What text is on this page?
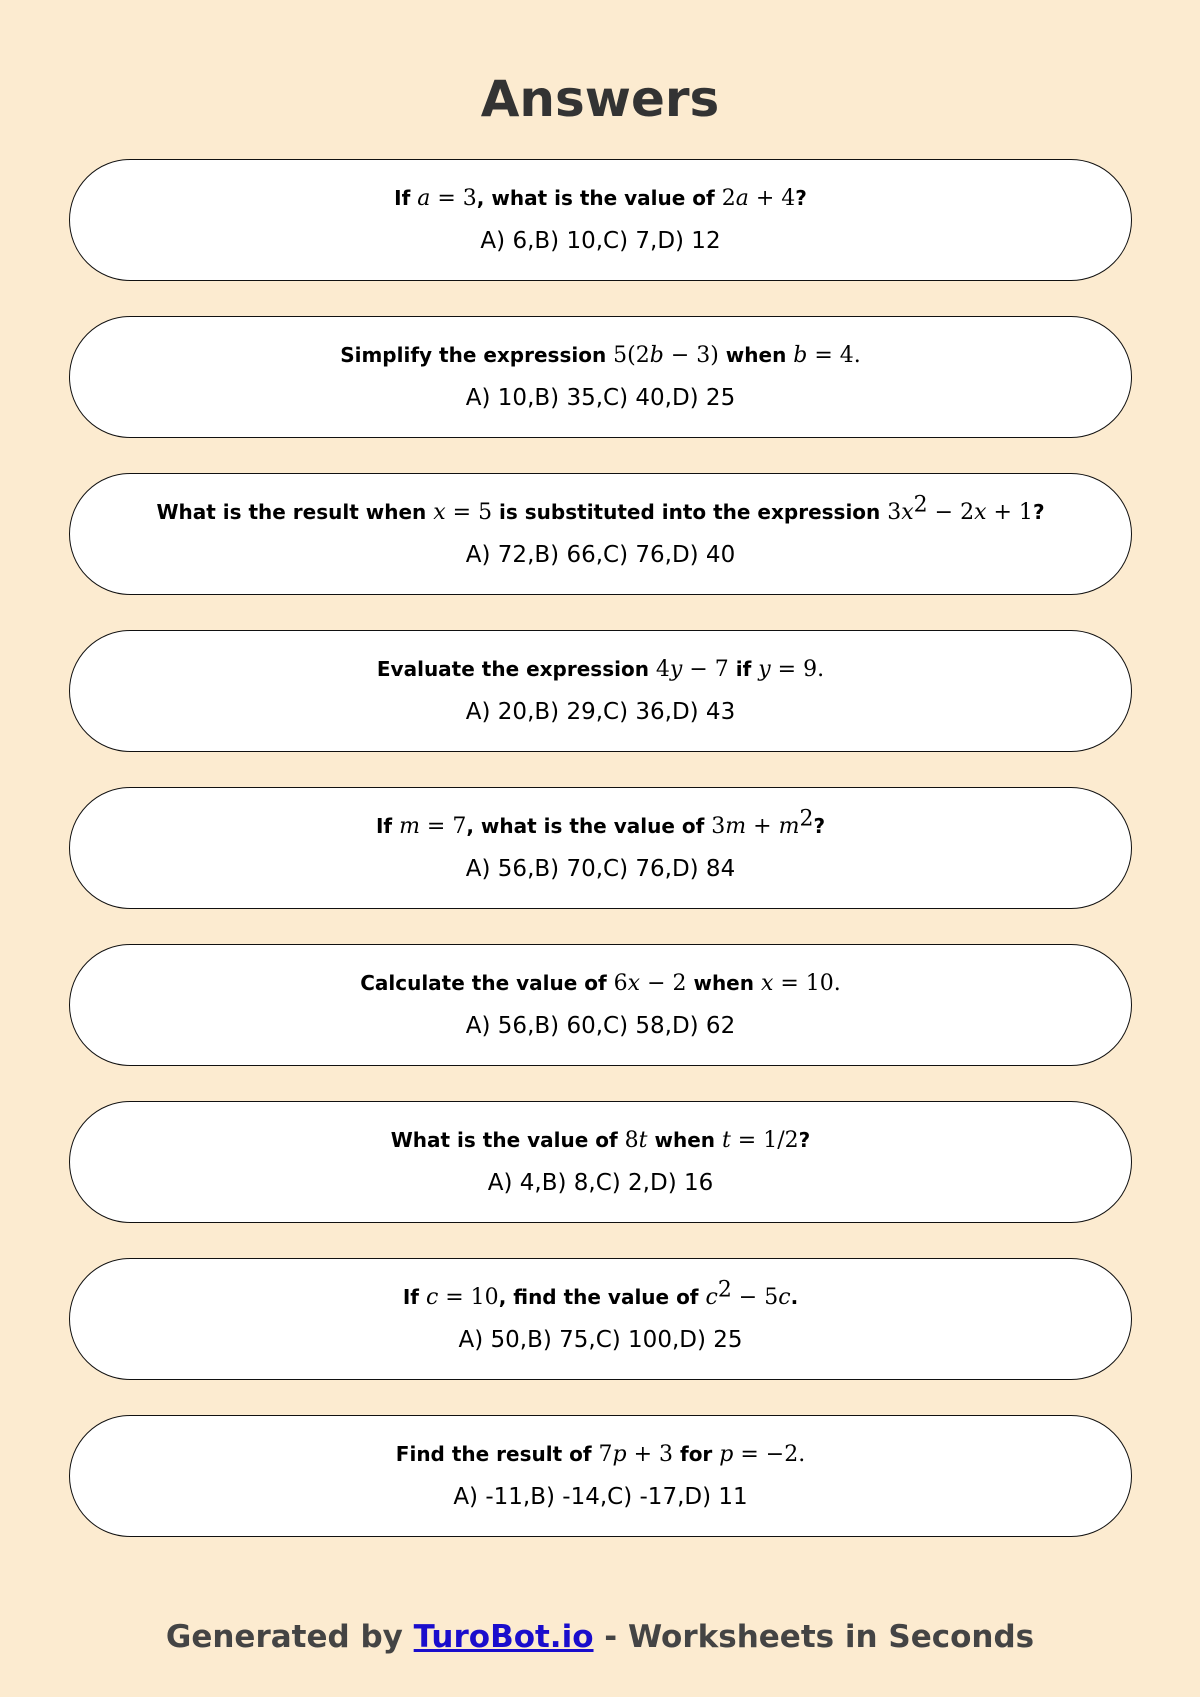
Answers
If a = 3, what is the value of 2a + 4?
A) 6,B) 10,C) 7,D) 12
Simplify the expression 5(2b − 3) when b = 4.
A) 10,B) 35,C) 40,D) 25
What is the result when x = 5 is substituted into the expression $3x^2 - 2x + 1$?
A) 72,B) 66,C) 76,D) 40
Evaluate the expression 4y − 7 if y = 9.
A) 20,B) 29,C) 36,D) 43
If m = 7, what is the value of $3m + m^2$?
A) 56,B) 70,C) 76,D) 84
Calculate the value of 6x − 2 when x = 10.
A) 56,B) 60,C) 58,D) 62
What is the value of 8t when t = 1/2?
A) 4,B) 8,C) 2,D) 16
If c = 10, find the value of $c^2 - 5c$.
A) 50,B) 75,C) 100,D) 25
Find the result of 7p + 3 for p = −2.
A) -11,B) -14,C) -17,D) 11
Generated by TuroBot.io - Worksheets in Seconds
